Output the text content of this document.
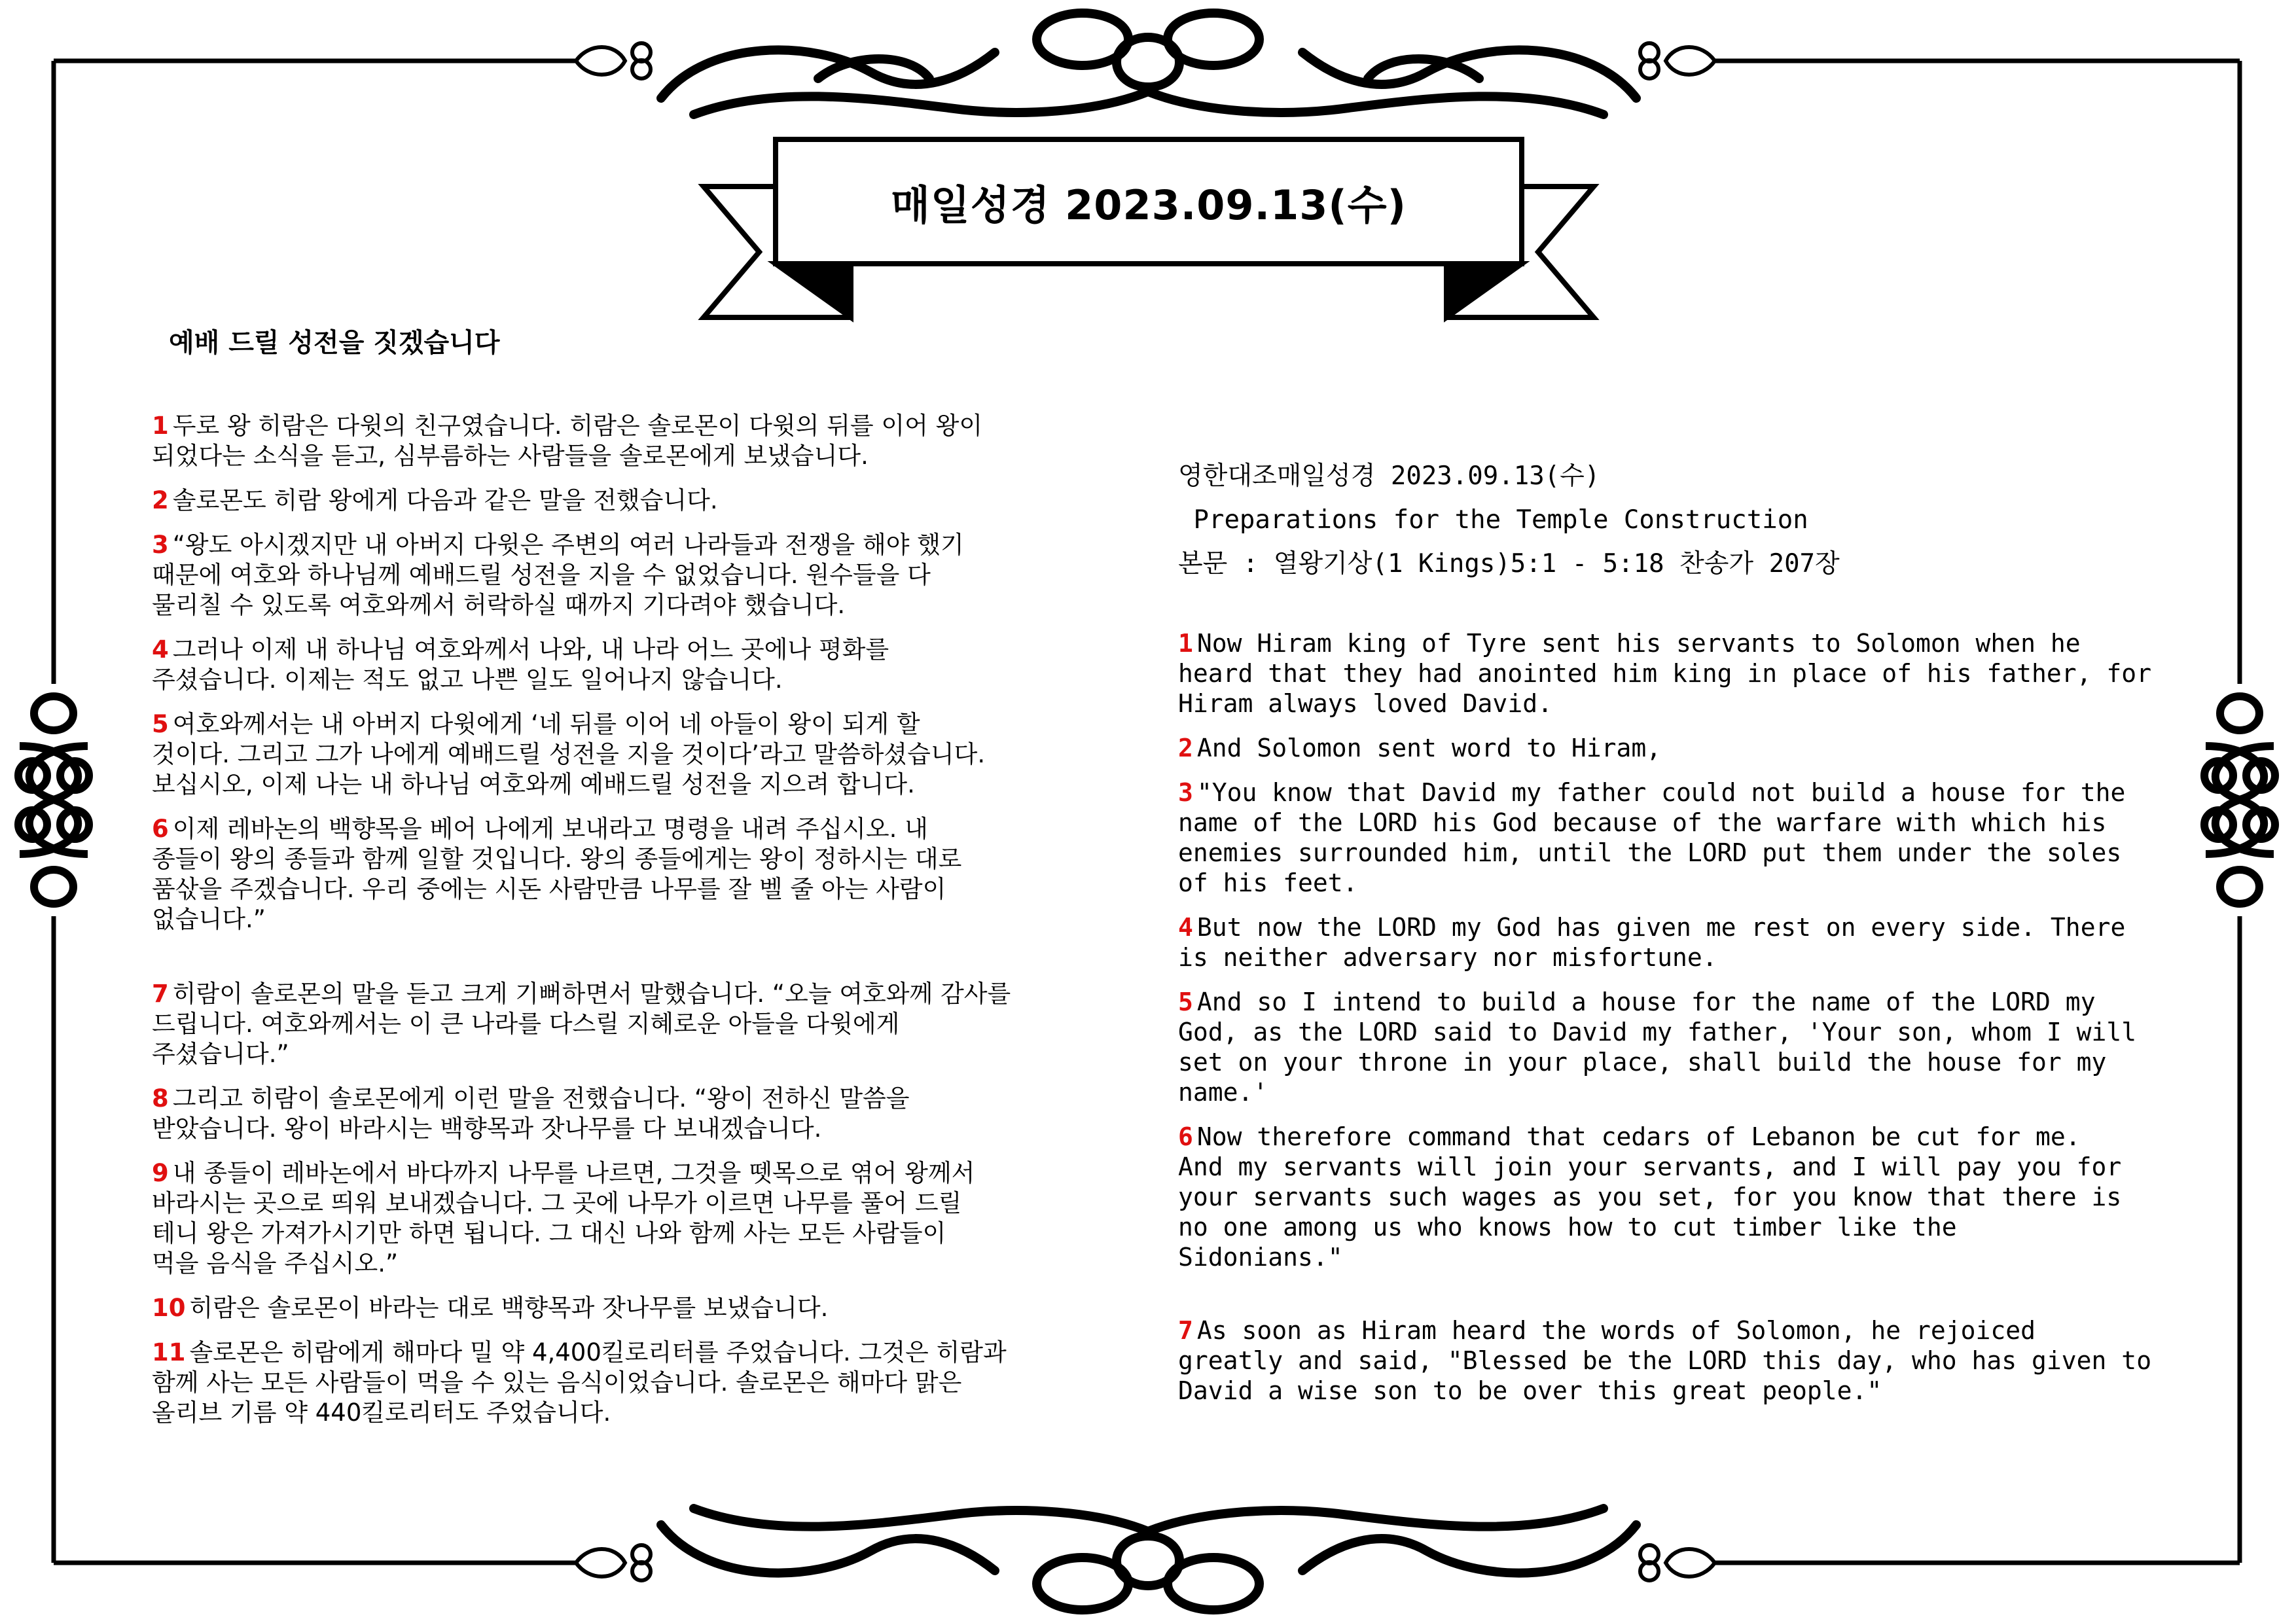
매일성경 2023.09.13(수)
예배 드릴 성전을 짓겠습니다

1 두로 왕 히람은 다윗의 친구였습니다. 히람은 솔로몬이 다윗의 뒤를 이어 왕이
되었다는 소식을 듣고, 심부름하는 사람들을 솔로몬에게 보냈습니다.

2 솔로몬도 히람 왕에게 다음과 같은 말을 전했습니다.

3 “왕도 아시겠지만 내 아버지 다윗은 주변의 여러 나라들과 전쟁을 해야 했기
때문에 여호와 하나님께 예배드릴 성전을 지을 수 없었습니다. 원수들을 다
물리칠 수 있도록 여호와께서 허락하실 때까지 기다려야 했습니다.

4 그러나 이제 내 하나님 여호와께서 나와, 내 나라 어느 곳에나 평화를
주셨습니다. 이제는 적도 없고 나쁜 일도 일어나지 않습니다.

5 여호와께서는 내 아버지 다윗에게 ‘네 뒤를 이어 네 아들이 왕이 되게 할
것이다. 그리고 그가 나에게 예배드릴 성전을 지을 것이다’라고 말씀하셨습니다.
보십시오, 이제 나는 내 하나님 여호와께 예배드릴 성전을 지으려 합니다.

6 이제 레바논의 백향목을 베어 나에게 보내라고 명령을 내려 주십시오. 내
종들이 왕의 종들과 함께 일할 것입니다. 왕의 종들에게는 왕이 정하시는 대로
품삯을 주겠습니다. 우리 중에는 시돈 사람만큼 나무를 잘 벨 줄 아는 사람이
없습니다.”

7 히람이 솔로몬의 말을 듣고 크게 기뻐하면서 말했습니다. “오늘 여호와께 감사를
드립니다. 여호와께서는 이 큰 나라를 다스릴 지혜로운 아들을 다윗에게
주셨습니다.”

8 그리고 히람이 솔로몬에게 이런 말을 전했습니다. “왕이 전하신 말씀을
받았습니다. 왕이 바라시는 백향목과 잣나무를 다 보내겠습니다.

9 내 종들이 레바논에서 바다까지 나무를 나르면, 그것을 뗏목으로 엮어 왕께서
바라시는 곳으로 띄워 보내겠습니다. 그 곳에 나무가 이르면 나무를 풀어 드릴
테니 왕은 가져가시기만 하면 됩니다. 그 대신 나와 함께 사는 모든 사람들이
먹을 음식을 주십시오.”

10 히람은 솔로몬이 바라는 대로 백향목과 잣나무를 보냈습니다.

11 솔로몬은 히람에게 해마다 밀 약 4,400킬로리터를 주었습니다. 그것은 히람과
함께 사는 모든 사람들이 먹을 수 있는 음식이었습니다. 솔로몬은 해마다 맑은
올리브 기름 약 440킬로리터도 주었습니다.

영한대조매일성경 2023.09.13(수)
Preparations for the Temple Construction
본문 : 열왕기상(1 Kings)5:1 - 5:18 찬송가 207장

1 Now Hiram king of Tyre sent his servants to Solomon when he
heard that they had anointed him king in place of his father, for
Hiram always loved David.

2 And Solomon sent word to Hiram,

3 "You know that David my father could not build a house for the
name of the LORD his God because of the warfare with which his
enemies surrounded him, until the LORD put them under the soles
of his feet.

4 But now the LORD my God has given me rest on every side. There
is neither adversary nor misfortune.

5 And so I intend to build a house for the name of the LORD my
God, as the LORD said to David my father, 'Your son, whom I will
set on your throne in your place, shall build the house for my
name.'

6 Now therefore command that cedars of Lebanon be cut for me.
And my servants will join your servants, and I will pay you for
your servants such wages as you set, for you know that there is
no one among us who knows how to cut timber like the
Sidonians."

7 As soon as Hiram heard the words of Solomon, he rejoiced
greatly and said, "Blessed be the LORD this day, who has given to
David a wise son to be over this great people."
